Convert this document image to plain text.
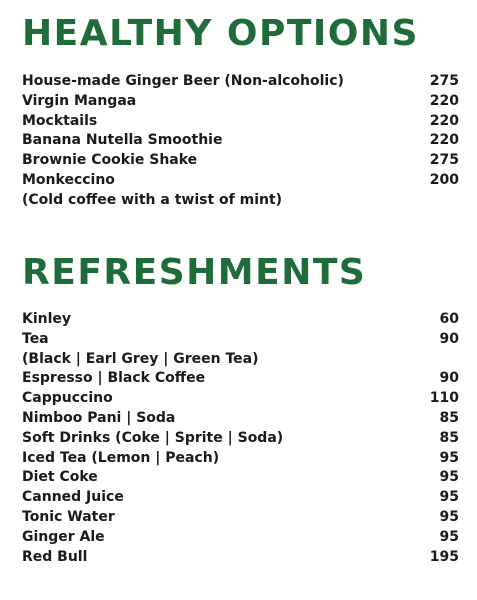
HEALTHY OPTIONS
House-made Ginger Beer (Non-alcoholic)	275
Virgin Mangaa	220
Mocktails	220
Banana Nutella Smoothie	220
Brownie Cookie Shake	275
Monkeccino	200
(Cold coffee with a twist of mint)
REFRESHMENTS
Kinley	60
Tea	90
(Black | Earl Grey | Green Tea)
Espresso | Black Coffee	90
Cappuccino	110
Nimboo Pani | Soda	85
Soft Drinks (Coke | Sprite | Soda)	85
Iced Tea (Lemon | Peach)	95
Diet Coke	95
Canned Juice	95
Tonic Water	95
Ginger Ale	95
Red Bull	195
